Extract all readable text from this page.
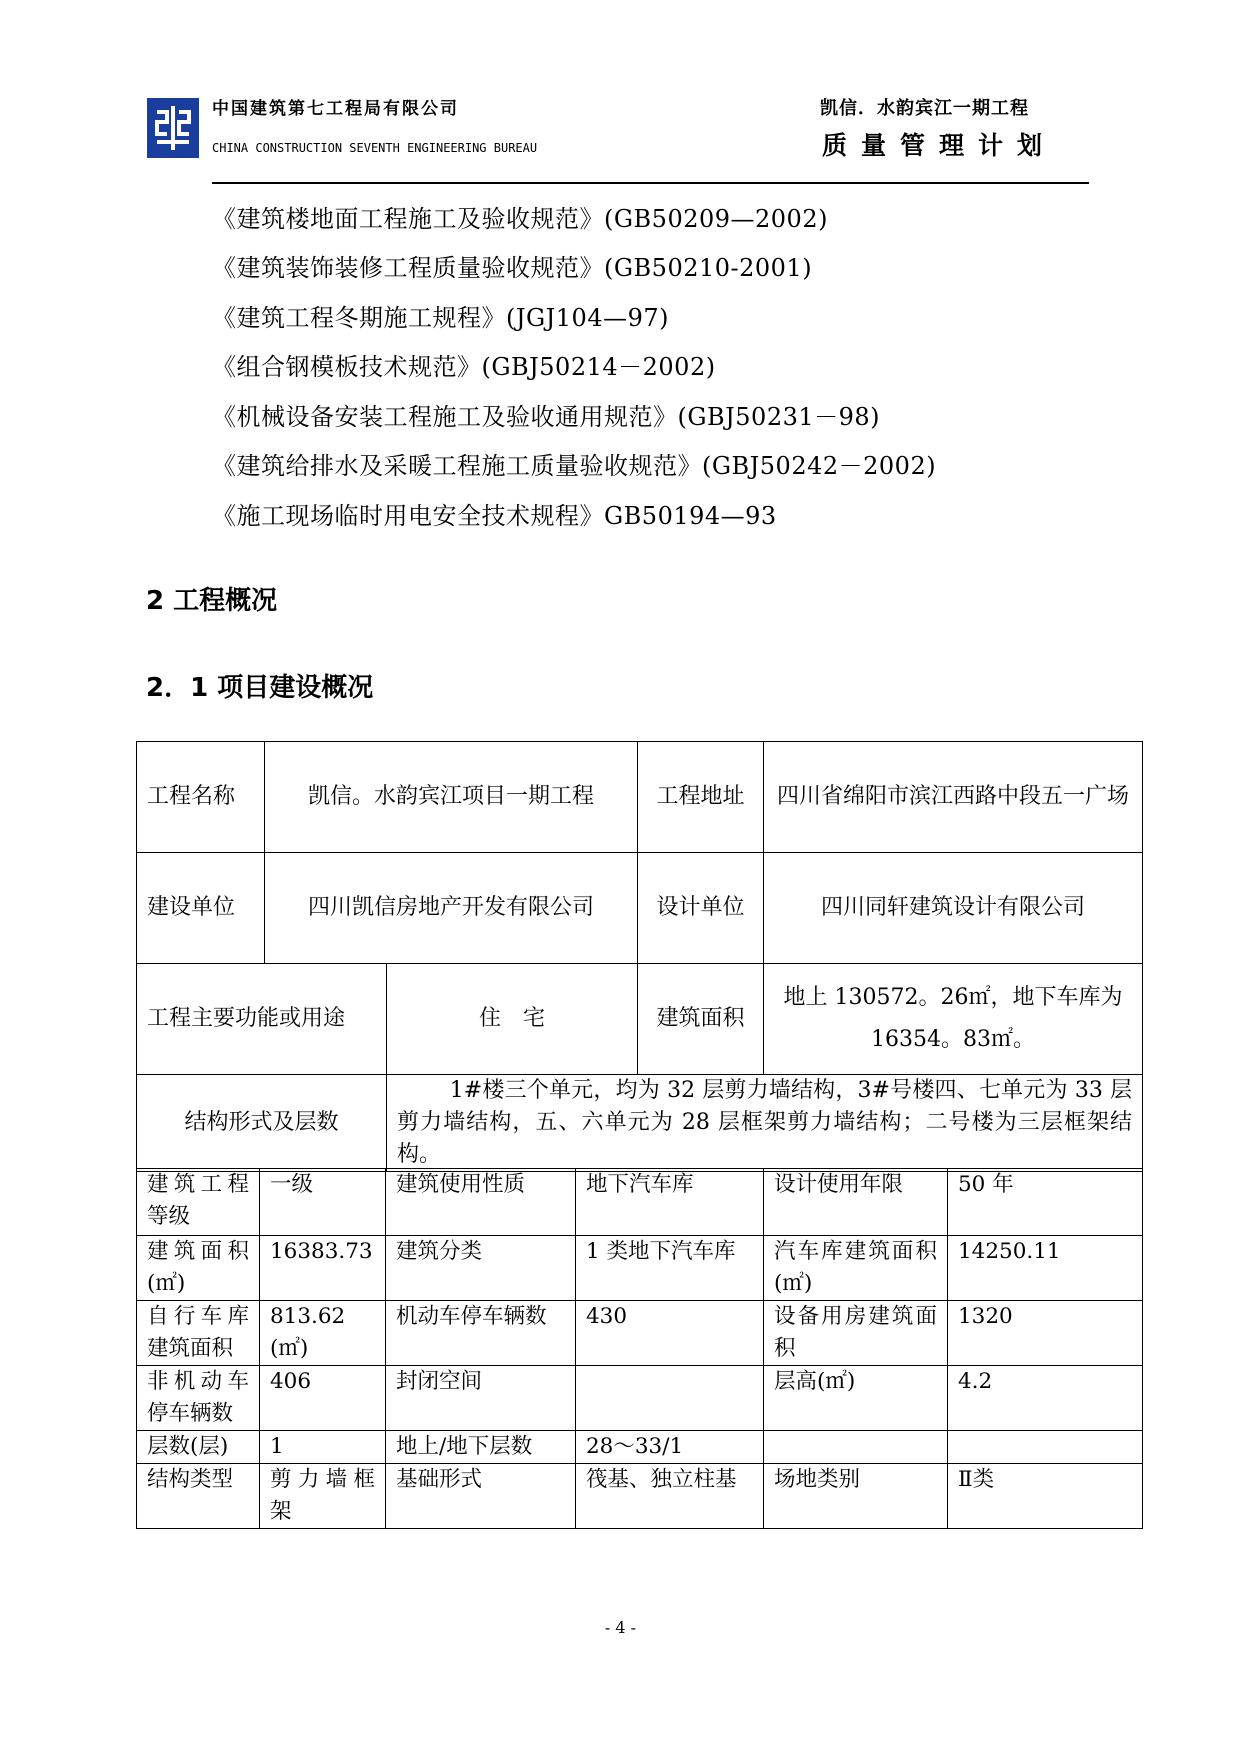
中国建筑第七工程局有限公司
CHINA CONSTRUCTION SEVENTH ENGINEERING BUREAU
凯信．水韵宾江一期工程
质量管理计划
《建筑楼地面工程施工及验收规范》(GB50209—2002)
《建筑装饰装修工程质量验收规范》(GB50210-2001)
《建筑工程冬期施工规程》(JGJ104—97)
《组合钢模板技术规范》(GBJ50214－2002)
《机械设备安装工程施工及验收通用规范》(GBJ50231－98)
《建筑给排水及采暖工程施工质量验收规范》(GBJ50242－2002)
《施工现场临时用电安全技术规程》GB50194—93
2 工程概况
2．1 项目建设概况
工程名称	凯信。水韵宾江项目一期工程		工程地址	四川省绵阳市滨江西路中段五一广场
建设单位	四川凯信房地产开发有限公司		设计单位	四川同轩建筑设计有限公司
工程主要功能或用途		住　宅	建筑面积	地上 130572。26㎡，地下车库为
16354。83㎡。

结构形式及层数		1#楼三个单元，均为 32 层剪力墙结构，3#号楼四、七单元为 33 层剪力墙结构，五、六单元为 28 层框架剪力墙结构；二号楼为三层框架结构。		
建筑工程等级	一级	建筑使用性质	地下汽车库	设计使用年限	50 年
建筑面积(㎡)	16383.73	建筑分类	1 类地下汽车库	汽车库建筑面积(㎡)	14250.11
自行车库建筑面积	813.62 (㎡)	机动车停车辆数	430	设备用房建筑面积	1320
非机动车停车辆数	406	封闭空间		层高(㎡)	4.2
层数(层)	1	地上/地下层数	28～33/1		
结构类型	剪力墙框架	基础形式	筏基、独立柱基	场地类别	Ⅱ类
- 4 -
